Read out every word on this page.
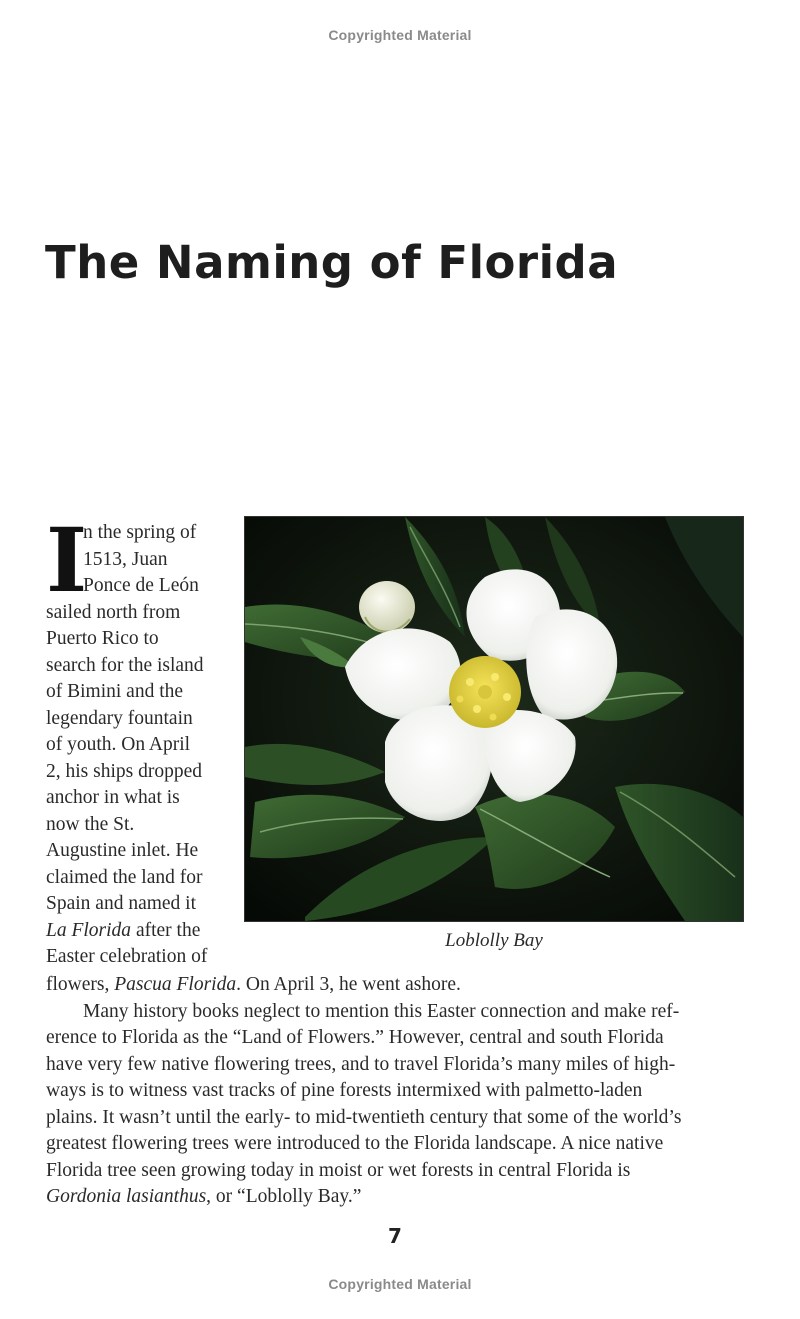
Copyrighted Material
The Naming of Florida
I
n the spring of
1513, Juan
Ponce de León
sailed north from
Puerto Rico to
search for the island
of Bimini and the
legendary fountain
of youth. On April
2, his ships dropped
anchor in what is
now the St.
Augustine inlet. He
claimed the land for
Spain and named it
La Florida after the
Easter celebration of
Loblolly Bay
flowers, Pascua Florida. On April 3, he went ashore.
Many history books neglect to mention this Easter connection and make ref-
erence to Florida as the “Land of Flowers.” However, central and south Florida
have very few native flowering trees, and to travel Florida’s many miles of high-
ways is to witness vast tracks of pine forests intermixed with palmetto-laden
plains. It wasn’t until the early- to mid-twentieth century that some of the world’s
greatest flowering trees were introduced to the Florida landscape. A nice native
Florida tree seen growing today in moist or wet forests in central Florida is
Gordonia lasianthus, or “Loblolly Bay.”
7
Copyrighted Material
